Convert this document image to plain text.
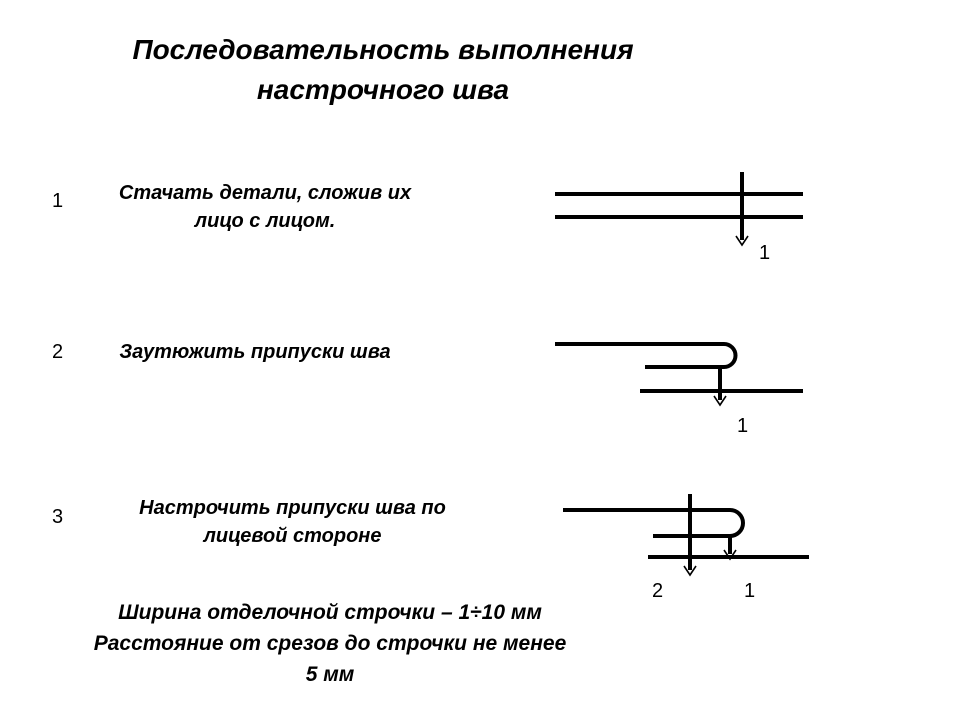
Последовательность выполнения
настрочного шва
1	Стачать детали, сложив их
лицо с лицом.
2	Заутюжить припуски шва
3	Настрочить припуски шва по
лицевой стороне
1
1
2	1
Ширина отделочной строчки – 1÷10 мм
Расстояние от срезов до строчки не менее
5 мм
